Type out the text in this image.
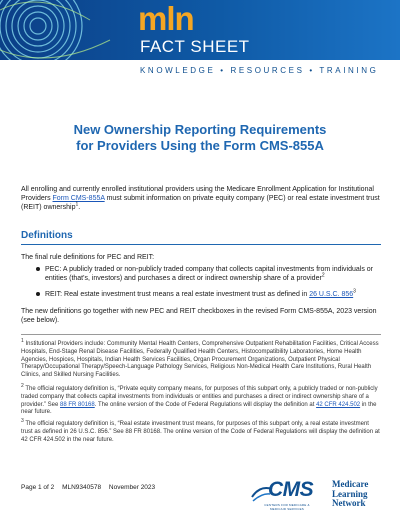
mln
FACT SHEET
KNOWLEDGE • RESOURCES • TRAINING
New Ownership Reporting Requirements
for Providers Using the Form CMS-855A

All enrolling and currently enrolled institutional providers using the Medicare Enrollment Application for Institutional Providers Form CMS-855A must submit information on private equity company (PEC) or real estate investment trust (REIT) ownership$^1$.

Definitions

The final rule definitions for PEC and REIT:

PEC: A publicly traded or non-publicly traded company that collects capital investments from individuals or entities (that's, investors) and purchases a direct or indirect ownership share of a provider$^2$
REIT: Real estate investment trust means a real estate investment trust as defined in 26 U.S.C. $856^3$

The new definitions go together with new PEC and REIT checkboxes in the revised Form CMS-855A, 2023 version (see below).

$^1$ Institutional Providers include: Community Mental Health Centers, Comprehensive Outpatient Rehabilitation Facilities, Critical Access Hospitals, End-Stage Renal Disease Facilities, Federally Qualified Health Centers, Histocompatibility Laboratories, Home Health Agencies, Hospices, Hospitals, Indian Health Services Facilities, Organ Procurement Organizations, Outpatient Physical Therapy/Occupational Therapy/Speech-Language Pathology Services, Religious Non-Medical Health Care Institutions, Rural Health Clinics, and Skilled Nursing Facilities.

$^2$ The official regulatory definition is, “Private equity company means, for purposes of this subpart only, a publicly traded or non-publicly traded company that collects capital investments from individuals or entities and purchases a direct or indirect ownership share of a provider.” See 88 FR 80168. The online version of the Code of Federal Regulations will display the definition at 42 CFR 424.502 in the near future.

$^3$ The official regulatory definition is, “Real estate investment trust means, for purposes of this subpart only, a real estate investment trust as defined in 26 U.S.C. 856.” See 88 FR 80168. The online version of the Code of Federal Regulations will display the definition at 42 CFR 424.502 in the near future.

Page 1 of 2 MLN9340578 November 2023	CMS
CENTERS FOR MEDICARE & MEDICAID SERVICES
Medicare
Learning
Network
